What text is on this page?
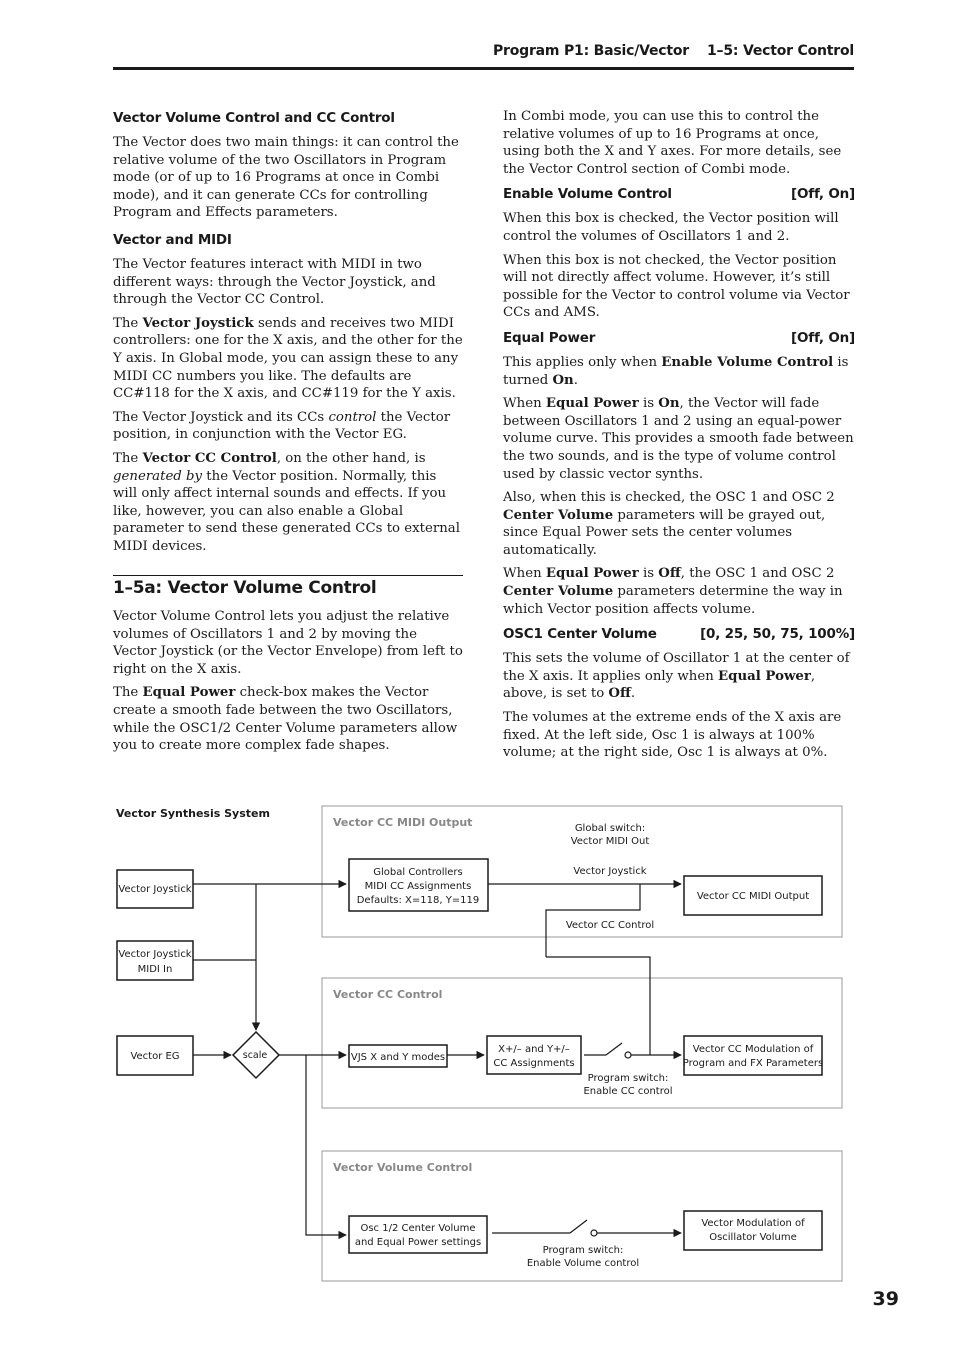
Program P1: Basic/Vector 1–5: Vector Control
Vector Volume Control and CC Control

The Vector does two main things: it can control the relative volume of the two Oscillators in Program mode (or of up to 16 Programs at once in Combi mode), and it can generate CCs for controlling Program and Effects parameters.

Vector and MIDI

The Vector features interact with MIDI in two different ways: through the Vector Joystick, and through the Vector CC Control.

The Vector Joystick sends and receives two MIDI controllers: one for the X axis, and the other for the Y axis. In Global mode, you can assign these to any MIDI CC numbers you like. The defaults are CC#118 for the X axis, and CC#119 for the Y axis.

The Vector Joystick and its CCs control the Vector position, in conjunction with the Vector EG.

The Vector CC Control, on the other hand, is generated by the Vector position. Normally, this will only affect internal sounds and effects. If you like, however, you can also enable a Global parameter to send these generated CCs to external MIDI devices.

1–5a: Vector Volume Control

Vector Volume Control lets you adjust the relative volumes of Oscillators 1 and 2 by moving the Vector Joystick (or the Vector Envelope) from left to right on the X axis.

The Equal Power check-box makes the Vector create a smooth fade between the two Oscillators, while the OSC1/2 Center Volume parameters allow you to create more complex fade shapes.

In Combi mode, you can use this to control the relative volumes of up to 16 Programs at once, using both the X and Y axes. For more details, see the Vector Control section of Combi mode.

Enable Volume Control	[Off, On]

When this box is checked, the Vector position will control the volumes of Oscillators 1 and 2.

When this box is not checked, the Vector position will not directly affect volume. However, it’s still possible for the Vector to control volume via Vector CCs and AMS.

Equal Power	[Off, On]

This applies only when Enable Volume Control is turned On.

When Equal Power is On, the Vector will fade between Oscillators 1 and 2 using an equal-power volume curve. This provides a smooth fade between the two sounds, and is the type of volume control used by classic vector synths.

Also, when this is checked, the OSC 1 and OSC 2 Center Volume parameters will be grayed out, since Equal Power sets the center volumes automatically.

When Equal Power is Off, the OSC 1 and OSC 2 Center Volume parameters determine the way in which Vector position affects volume.

OSC1 Center Volume	[0, 25, 50, 75, 100%]

This sets the volume of Oscillator 1 at the center of the X axis. It applies only when Equal Power, above, is set to Off.

The volumes at the extreme ends of the X axis are fixed. At the left side, Osc 1 is always at 100% volume; at the right side, Osc 1 is always at 0%.

Vector Synthesis System
Vector CC MIDI Output
Vector CC Control
Vector Volume Control
Vector Joystick
Vector Joystick
MIDI In
Vector EG	scale
Global Controllers
MIDI CC Assignments
Defaults: X=118, Y=119
Global switch:
Vector MIDI Out
Vector Joystick
Vector CC Control
Vector CC MIDI Output
VJS X and Y modes
X+/– and Y+/–
CC Assignments
Program switch:
Enable CC control
Vector CC Modulation of
Program and FX Parameters
Osc 1/2 Center Volume
and Equal Power settings
Program switch:
Enable Volume control
Vector Modulation of
Oscillator Volume
39
